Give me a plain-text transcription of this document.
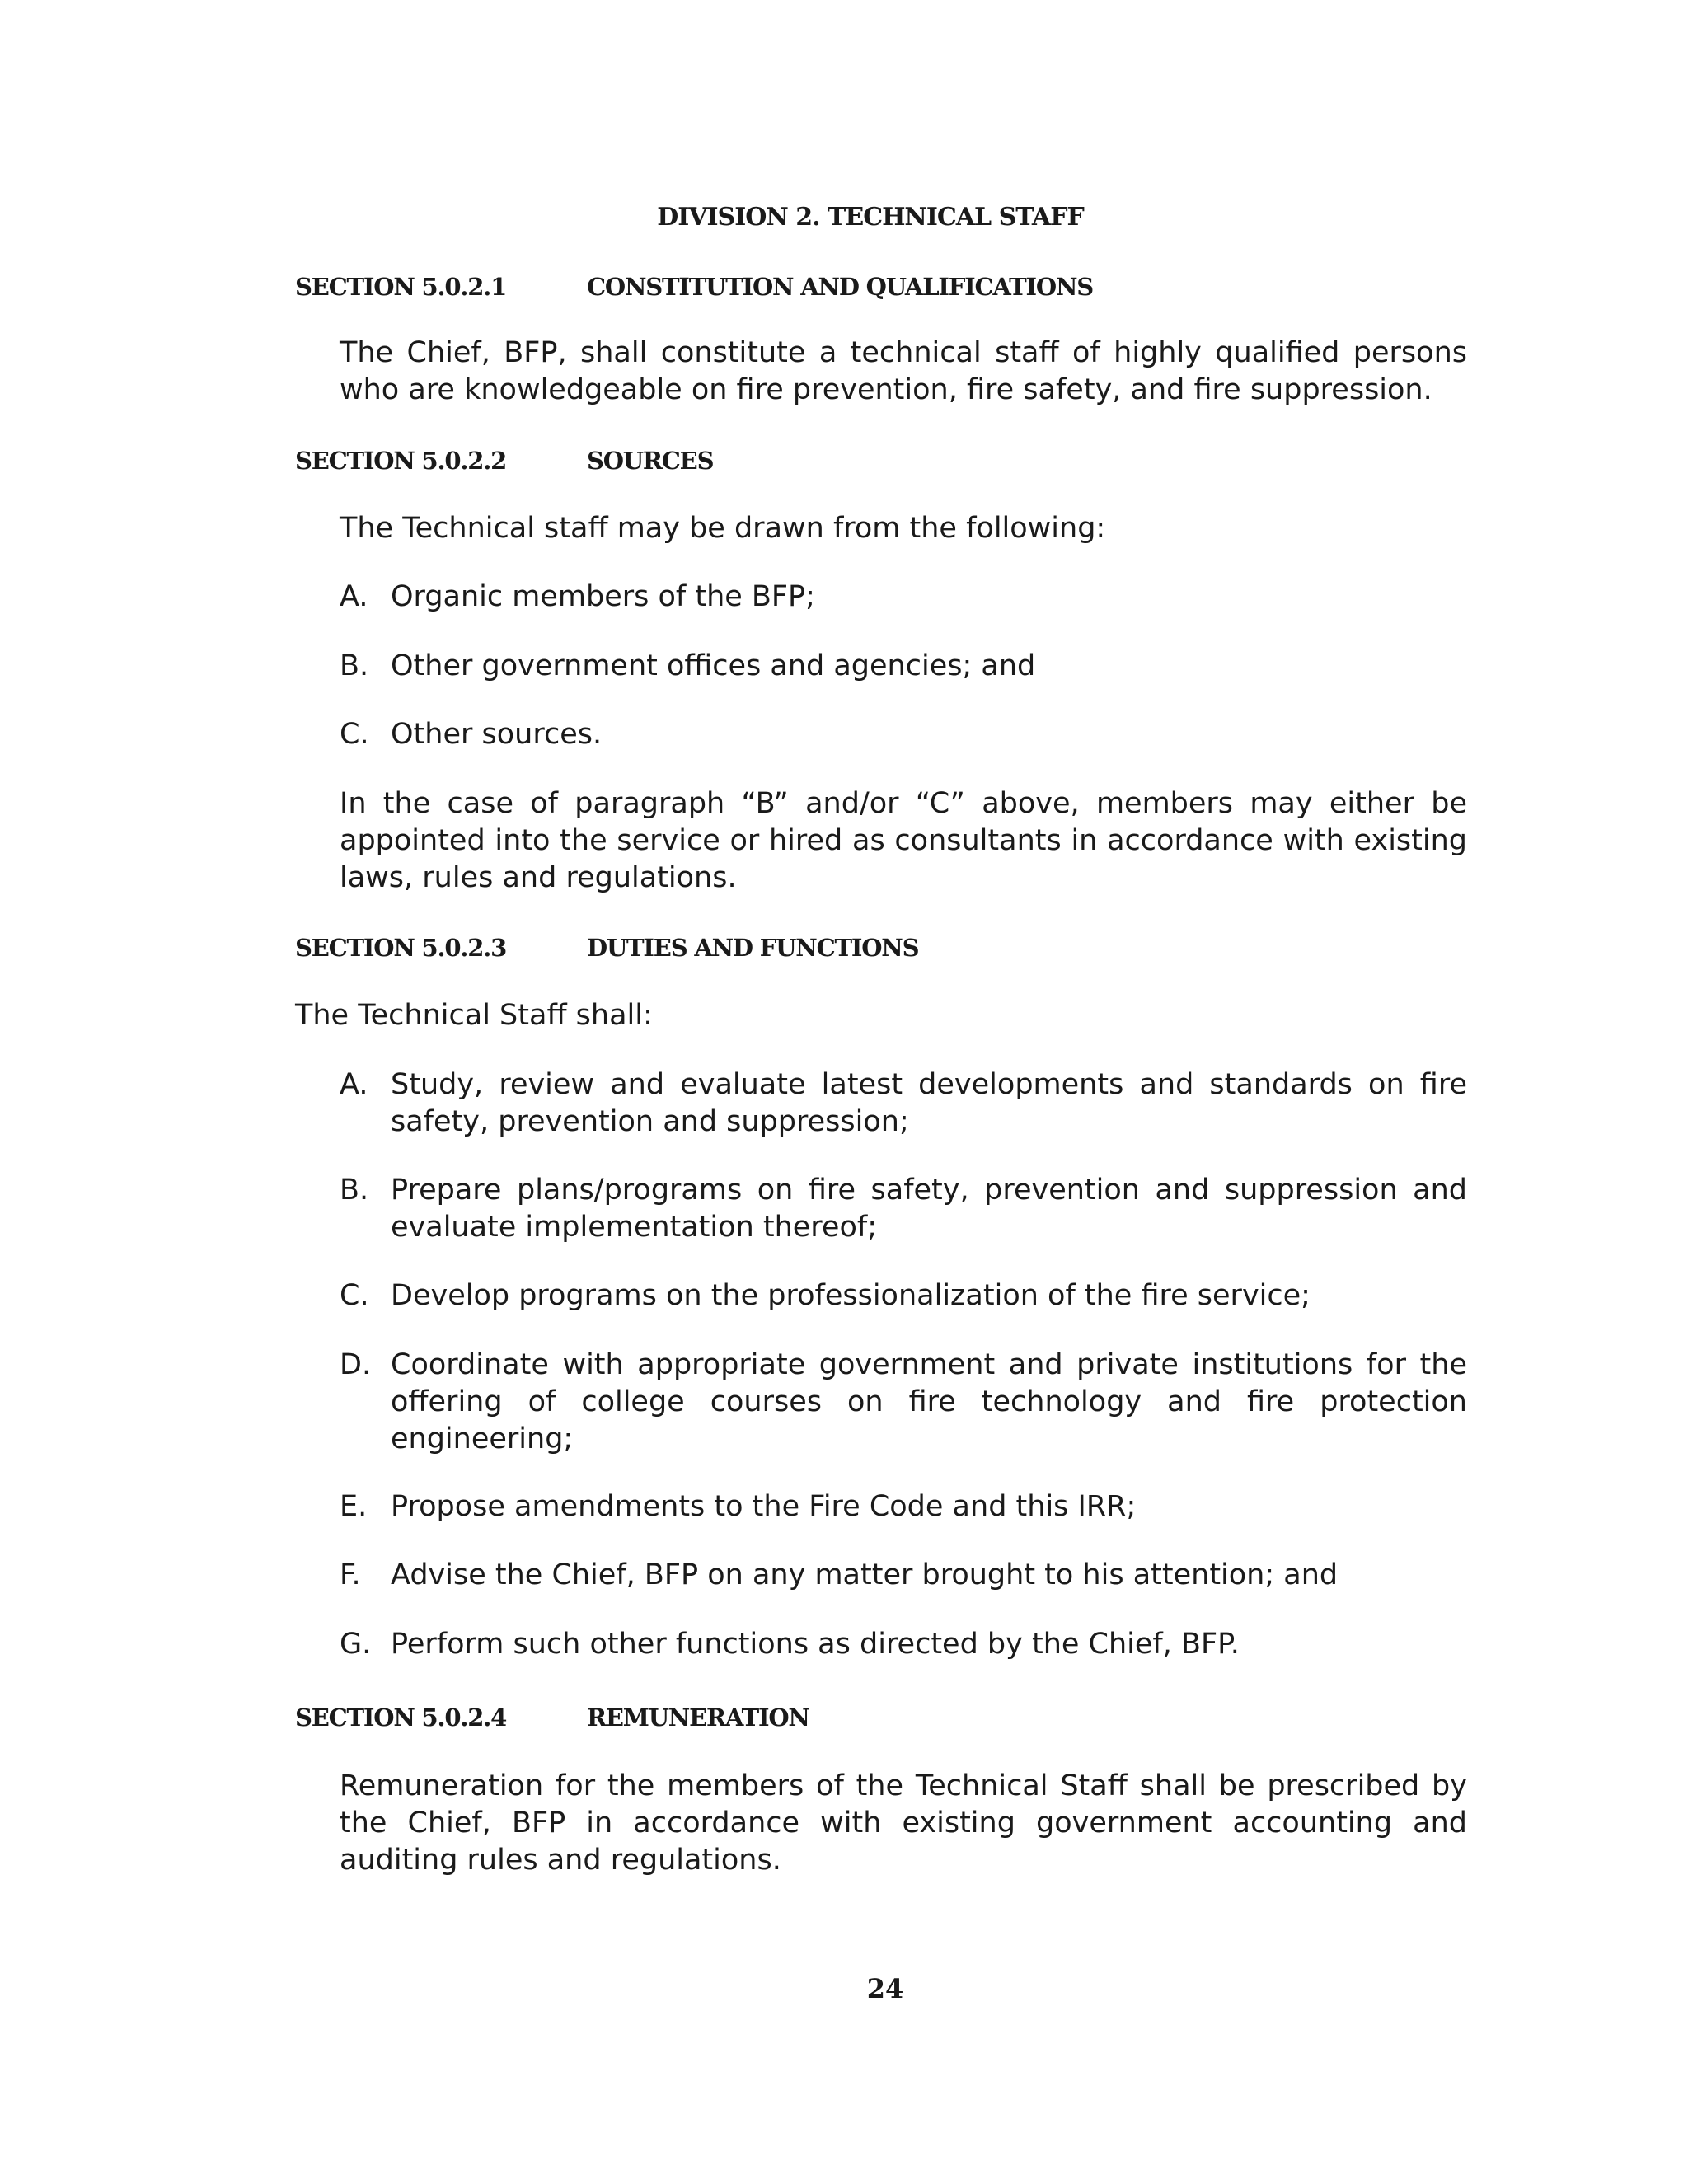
DIVISION 2. TECHNICAL STAFF
SECTION 5.0.2.1	CONSTITUTION AND QUALIFICATIONS
The Chief, BFP, shall constitute a technical staff of highly qualified persons who are knowledgeable on fire prevention, fire safety, and fire suppression.
SECTION 5.0.2.2	SOURCES
The Technical staff may be drawn from the following:
A. Organic members of the BFP;
B. Other government offices and agencies; and
C. Other sources.
In the case of paragraph “B” and/or “C” above, members may either be appointed into the service or hired as consultants in accordance with existing laws, rules and regulations.
SECTION 5.0.2.3	DUTIES AND FUNCTIONS
The Technical Staff shall:
A. Study, review and evaluate latest developments and standards on fire safety, prevention and suppression;
B. Prepare plans/programs on fire safety, prevention and suppression and evaluate implementation thereof;
C. Develop programs on the professionalization of the fire service;
D. Coordinate with appropriate government and private institutions for the offering of college courses on fire technology and fire protection engineering;
E. Propose amendments to the Fire Code and this IRR;
F.	Advise the Chief, BFP on any matter brought to his attention; and
G. Perform such other functions as directed by the Chief, BFP.
SECTION 5.0.2.4	REMUNERATION
Remuneration for the members of the Technical Staff shall be prescribed by the Chief, BFP in accordance with existing government accounting and auditing rules and regulations.
24
